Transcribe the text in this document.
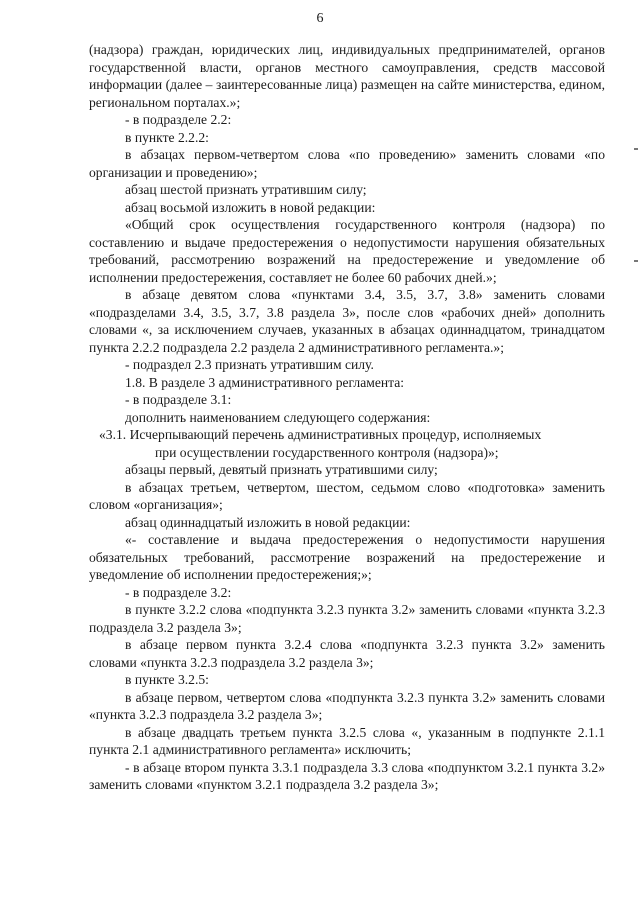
6

(надзора) граждан, юридических лиц, индивидуальных предпринимателей, органов государственной власти, органов местного самоуправления, средств массовой информации (далее – заинтересованные лица) размещен на сайте министерства, едином, региональном порталах.»;

- в подразделе 2.2:

в пункте 2.2.2:

в абзацах первом-четвертом слова «по проведению» заменить словами «по организации и проведению»;

абзац шестой признать утратившим силу;

абзац восьмой изложить в новой редакции:

«Общий срок осуществления государственного контроля (надзора) по составлению и выдаче предостережения о недопустимости нарушения обязательных требований, рассмотрению возражений на предостережение и уведомление об исполнении предостережения, составляет не более 60 рабочих дней.»;

в абзаце девятом слова «пунктами 3.4, 3.5, 3.7, 3.8» заменить словами «подразделами 3.4, 3.5, 3.7, 3.8 раздела 3», после слов «рабочих дней» дополнить словами «, за исключением случаев, указанных в абзацах одиннадцатом, тринадцатом пункта 2.2.2 подраздела 2.2 раздела 2 административного регламента.»;

- подраздел 2.3 признать утратившим силу.

1.8. В разделе 3 административного регламента:

- в подразделе 3.1:

дополнить наименованием следующего содержания:

«3.1. Исчерпывающий перечень административных процедур, исполняемых

при осуществлении государственного контроля (надзора)»;

абзацы первый, девятый признать утратившими силу;

в абзацах третьем, четвертом, шестом, седьмом слово «подготовка» заменить словом «организация»;

абзац одиннадцатый изложить в новой редакции:

«- составление и выдача предостережения о недопустимости нарушения обязательных требований, рассмотрение возражений на предостережение и уведомление об исполнении предостережения;»;

- в подразделе 3.2:

в пункте 3.2.2 слова «подпункта 3.2.3 пункта 3.2» заменить словами «пункта 3.2.3 подраздела 3.2 раздела 3»;

в абзаце первом пункта 3.2.4 слова «подпункта 3.2.3 пункта 3.2» заменить словами «пункта 3.2.3 подраздела 3.2 раздела 3»;

в пункте 3.2.5:

в абзаце первом, четвертом слова «подпункта 3.2.3 пункта 3.2» заменить словами «пункта 3.2.3 подраздела 3.2 раздела 3»;

в абзаце двадцать третьем пункта 3.2.5 слова «, указанным в подпункте 2.1.1 пункта 2.1 административного регламента» исключить;

- в абзаце втором пункта 3.3.1 подраздела 3.3 слова «подпунктом 3.2.1 пункта 3.2» заменить словами «пунктом 3.2.1 подраздела 3.2 раздела 3»;
